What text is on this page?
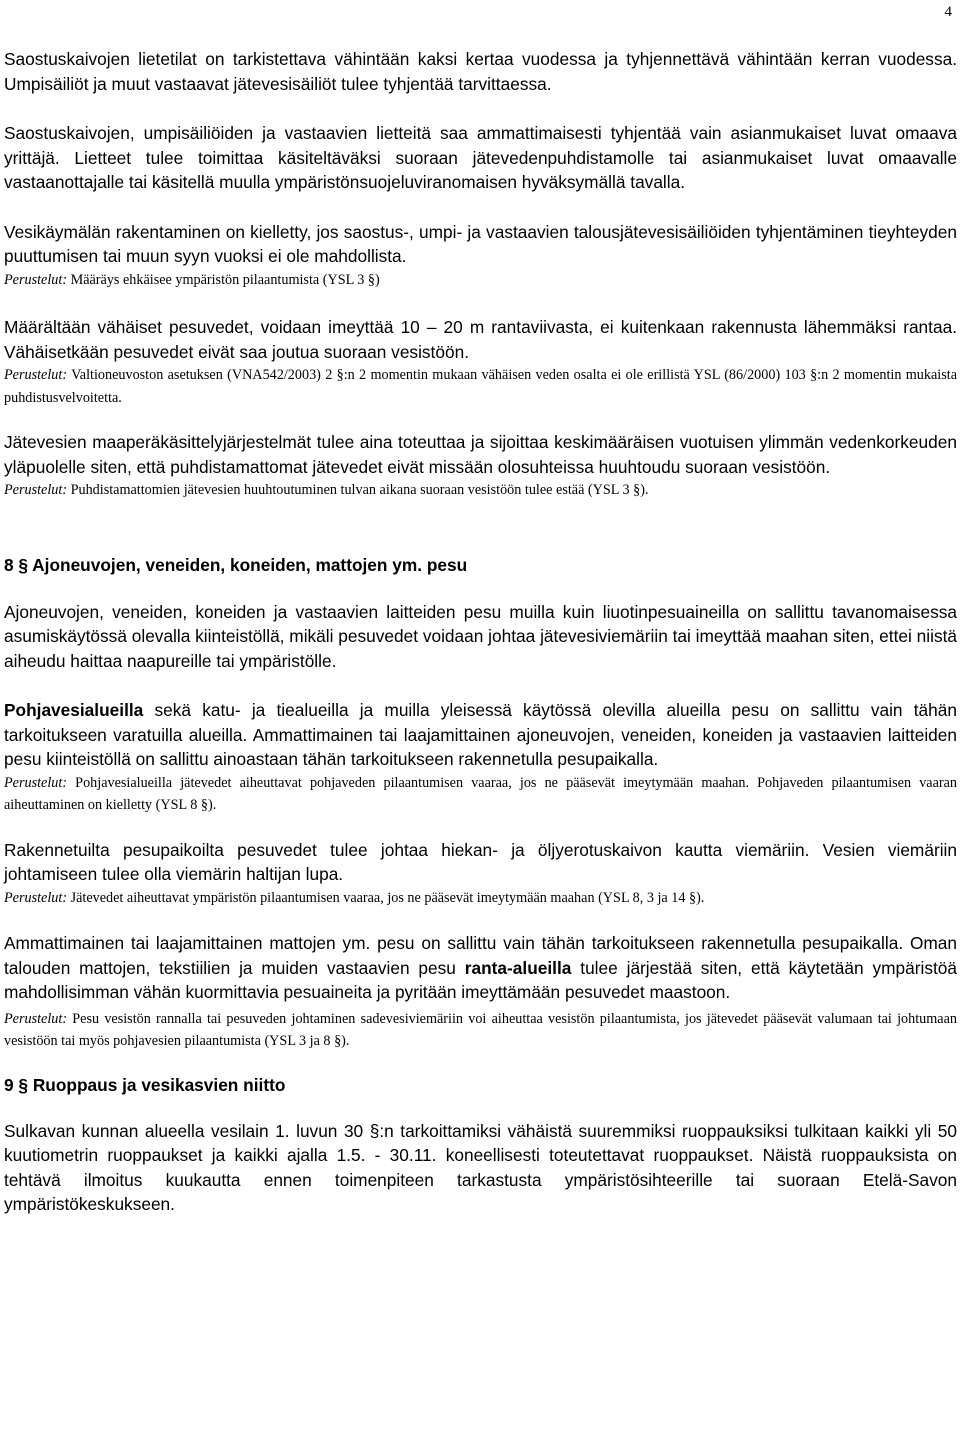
4

Saostuskaivojen lietetilat on tarkistettava vähintään kaksi kertaa vuodessa ja tyhjennettävä vähintään kerran vuodessa. Umpisäiliöt ja muut vastaavat jätevesisäiliöt tulee tyhjentää tarvittaessa.

Saostuskaivojen, umpisäiliöiden ja vastaavien lietteitä saa ammattimaisesti tyhjentää vain asianmukaiset luvat omaava yrittäjä. Lietteet tulee toimittaa käsiteltäväksi suoraan jätevedenpuhdistamolle tai asianmukaiset luvat omaavalle vastaanottajalle tai käsitellä muulla ympäristönsuojeluviranomaisen hyväksymällä tavalla.

Vesikäymälän rakentaminen on kielletty, jos saostus-, umpi- ja vastaavien talousjätevesisäiliöiden tyhjentäminen tieyhteyden puuttumisen tai muun syyn vuoksi ei ole mahdollista.

Perustelut: Määräys ehkäisee ympäristön pilaantumista (YSL 3 §)

Määrältään vähäiset pesuvedet, voidaan imeyttää 10 – 20 m rantaviivasta, ei kuitenkaan rakennusta lähemmäksi rantaa. Vähäisetkään pesuvedet eivät saa joutua suoraan vesistöön.

Perustelut: Valtioneuvoston asetuksen (VNA542/2003) 2 §:n 2 momentin mukaan vähäisen veden osalta ei ole erillistä YSL (86/2000) 103 §:n 2 momentin mukaista puhdistusvelvoitetta.

Jätevesien maaperäkäsittelyjärjestelmät tulee aina toteuttaa ja sijoittaa keskimääräisen vuotuisen ylimmän vedenkorkeuden yläpuolelle siten, että puhdistamattomat jätevedet eivät missään olosuhteissa huuhtoudu suoraan vesistöön.

Perustelut: Puhdistamattomien jätevesien huuhtoutuminen tulvan aikana suoraan vesistöön tulee estää (YSL 3 §).

8 § Ajoneuvojen, veneiden, koneiden, mattojen ym. pesu

Ajoneuvojen, veneiden, koneiden ja vastaavien laitteiden pesu muilla kuin liuotinpesuaineilla on sallittu tavanomaisessa asumiskäytössä olevalla kiinteistöllä, mikäli pesuvedet voidaan johtaa jätevesiviemäriin tai imeyttää maahan siten, ettei niistä aiheudu haittaa naapureille tai ympäristölle.

Pohjavesialueilla sekä katu- ja tiealueilla ja muilla yleisessä käytössä olevilla alueilla pesu on sallittu vain tähän tarkoitukseen varatuilla alueilla. Ammattimainen tai laajamittainen ajoneuvojen, veneiden, koneiden ja vastaavien laitteiden pesu kiinteistöllä on sallittu ainoastaan tähän tarkoitukseen rakennetulla pesupaikalla.

Perustelut: Pohjavesialueilla jätevedet aiheuttavat pohjaveden pilaantumisen vaaraa, jos ne pääsevät imeytymään maahan. Pohjaveden pilaantumisen vaaran aiheuttaminen on kielletty (YSL 8 §).

Rakennetuilta pesupaikoilta pesuvedet tulee johtaa hiekan- ja öljyerotuskaivon kautta viemäriin. Vesien viemäriin johtamiseen tulee olla viemärin haltijan lupa.

Perustelut: Jätevedet aiheuttavat ympäristön pilaantumisen vaaraa, jos ne pääsevät imeytymään maahan (YSL 8, 3 ja 14 §).

Ammattimainen tai laajamittainen mattojen ym. pesu on sallittu vain tähän tarkoitukseen rakennetulla pesupaikalla. Oman talouden mattojen, tekstiilien ja muiden vastaavien pesu ranta-alueilla tulee järjestää siten, että käytetään ympäristöä mahdollisimman vähän kuormittavia pesuaineita ja pyritään imeyttämään pesuvedet maastoon.

Perustelut: Pesu vesistön rannalla tai pesuveden johtaminen sadevesiviemäriin voi aiheuttaa vesistön pilaantumista, jos jätevedet pääsevät valumaan tai johtumaan vesistöön tai myös pohjavesien pilaantumista (YSL 3 ja 8 §).

9 § Ruoppaus ja vesikasvien niitto

Sulkavan kunnan alueella vesilain 1. luvun 30 §:n tarkoittamiksi vähäistä suuremmiksi ruoppauksiksi tulkitaan kaikki yli 50 kuutiometrin ruoppaukset ja kaikki ajalla 1.5. - 30.11. koneellisesti toteutettavat ruoppaukset. Näistä ruoppauksista on tehtävä ilmoitus kuukautta ennen toimenpiteen tarkastusta ympäristösihteerille tai suoraan Etelä-Savon ympäristökeskukseen.
